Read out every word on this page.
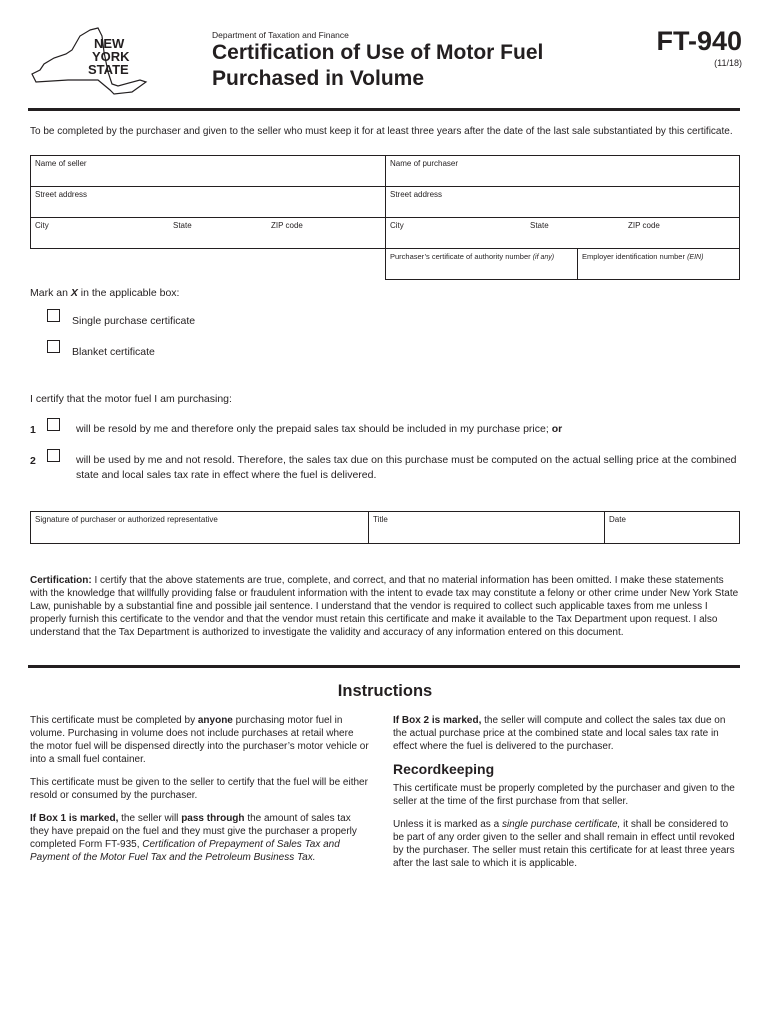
NEW
YORK
STATE
Department of Taxation and Finance
Certification of Use of Motor Fuel
Purchased in Volume
FT-940
(11/18)
To be completed by the purchaser and given to the seller who must keep it for at least three years after the date of the last sale substantiated by this certificate.
Name of seller	Name of purchaser	
Street address	Street address	
City State ZIP code	City State ZIP code	
	Purchaser’s certificate of authority number (if any)	Employer identification number (EIN)
Mark an X in the applicable box:
Single purchase certificate
Blanket certificate
I certify that the motor fuel I am purchasing:
1	will be resold by me and therefore only the prepaid sales tax should be included in my purchase price; or
2	will be used by me and not resold. Therefore, the sales tax due on this purchase must be computed on the actual selling price at the combined state and local sales tax rate in effect where the fuel is delivered.
Signature of purchaser or authorized representative	Title	Date
Certification: I certify that the above statements are true, complete, and correct, and that no material information has been omitted. I make these statements with the knowledge that willfully providing false or fraudulent information with the intent to evade tax may constitute a felony or other crime under New York State Law, punishable by a substantial fine and possible jail sentence. I understand that the vendor is required to collect such applicable taxes from me unless I properly furnish this certificate to the vendor and that the vendor must retain this certificate and make it available to the Tax Department upon request. I also understand that the Tax Department is authorized to investigate the validity and accuracy of any information entered on this document.
Instructions

This certificate must be completed by anyone purchasing motor fuel in volume. Purchasing in volume does not include purchases at retail where the motor fuel will be dispensed directly into the purchaser’s motor vehicle or into a small fuel container.

This certificate must be given to the seller to certify that the fuel will be either resold or consumed by the purchaser.

If Box 1 is marked, the seller will pass through the amount of sales tax they have prepaid on the fuel and they must give the purchaser a properly completed Form FT-935, Certification of Prepayment of Sales Tax and Payment of the Motor Fuel Tax and the Petroleum Business Tax.

If Box 2 is marked, the seller will compute and collect the sales tax due on the actual purchase price at the combined state and local sales tax rate in effect where the fuel is delivered to the purchaser.

Recordkeeping

This certificate must be properly completed by the purchaser and given to the seller at the time of the first purchase from that seller.

Unless it is marked as a single purchase certificate, it shall be considered to be part of any order given to the seller and shall remain in effect until revoked by the purchaser. The seller must retain this certificate for at least three years after the last sale to which it is applicable.
